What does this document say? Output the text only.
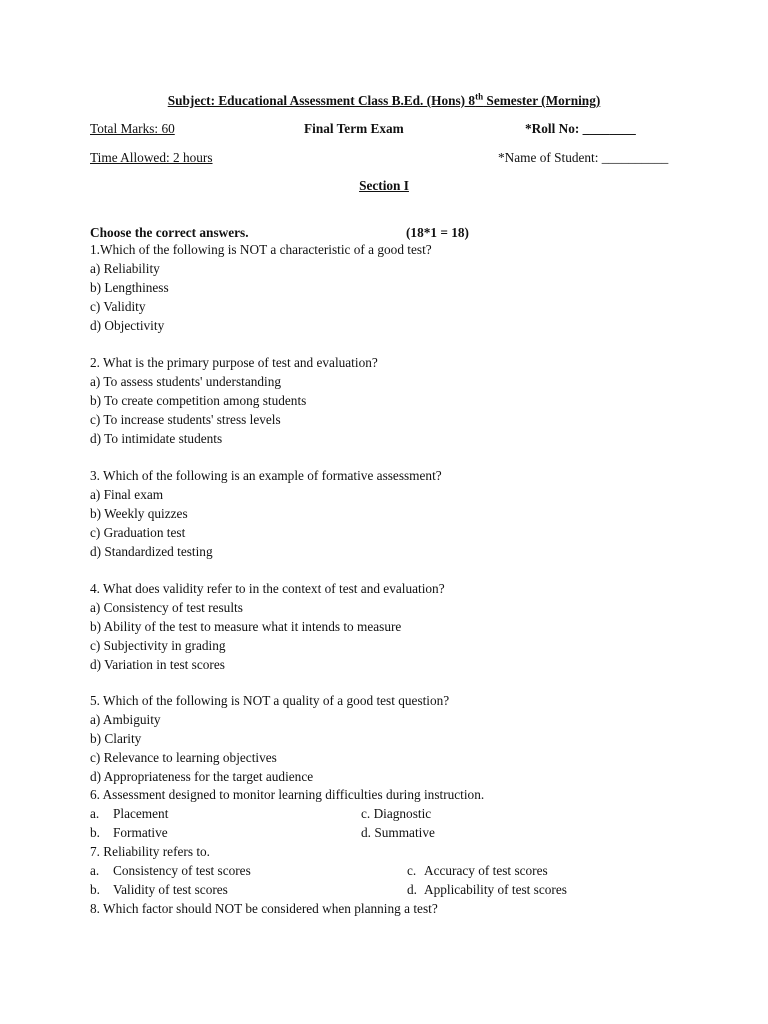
Subject: Educational Assessment Class B.Ed. (Hons) 8th Semester (Morning)
Total Marks: 60	Final Term Exam	*Roll No: ________
Time Allowed: 2 hours	*Name of Student: __________
Section I
Choose the correct answers.	(18*1 = 18)
1.Which of the following is NOT a characteristic of a good test?
a) Reliability
b) Lengthiness
c) Validity
d) Objectivity
2. What is the primary purpose of test and evaluation?
a) To assess students' understanding
b) To create competition among students
c) To increase students' stress levels
d) To intimidate students
3. Which of the following is an example of formative assessment?
a) Final exam
b) Weekly quizzes
c) Graduation test
d) Standardized testing
4. What does validity refer to in the context of test and evaluation?
a) Consistency of test results
b) Ability of the test to measure what it intends to measure
c) Subjectivity in grading
d) Variation in test scores
5. Which of the following is NOT a quality of a good test question?
a) Ambiguity
b) Clarity
c) Relevance to learning objectives
d) Appropriateness for the target audience
6. Assessment designed to monitor learning difficulties during instruction.
a. Placement	c. Diagnostic
b. Formative	d. Summative
7. Reliability refers to.
a. Consistency of test scores	c. Accuracy of test scores
b. Validity of test scores	d. Applicability of test scores
8. Which factor should NOT be considered when planning a test?
